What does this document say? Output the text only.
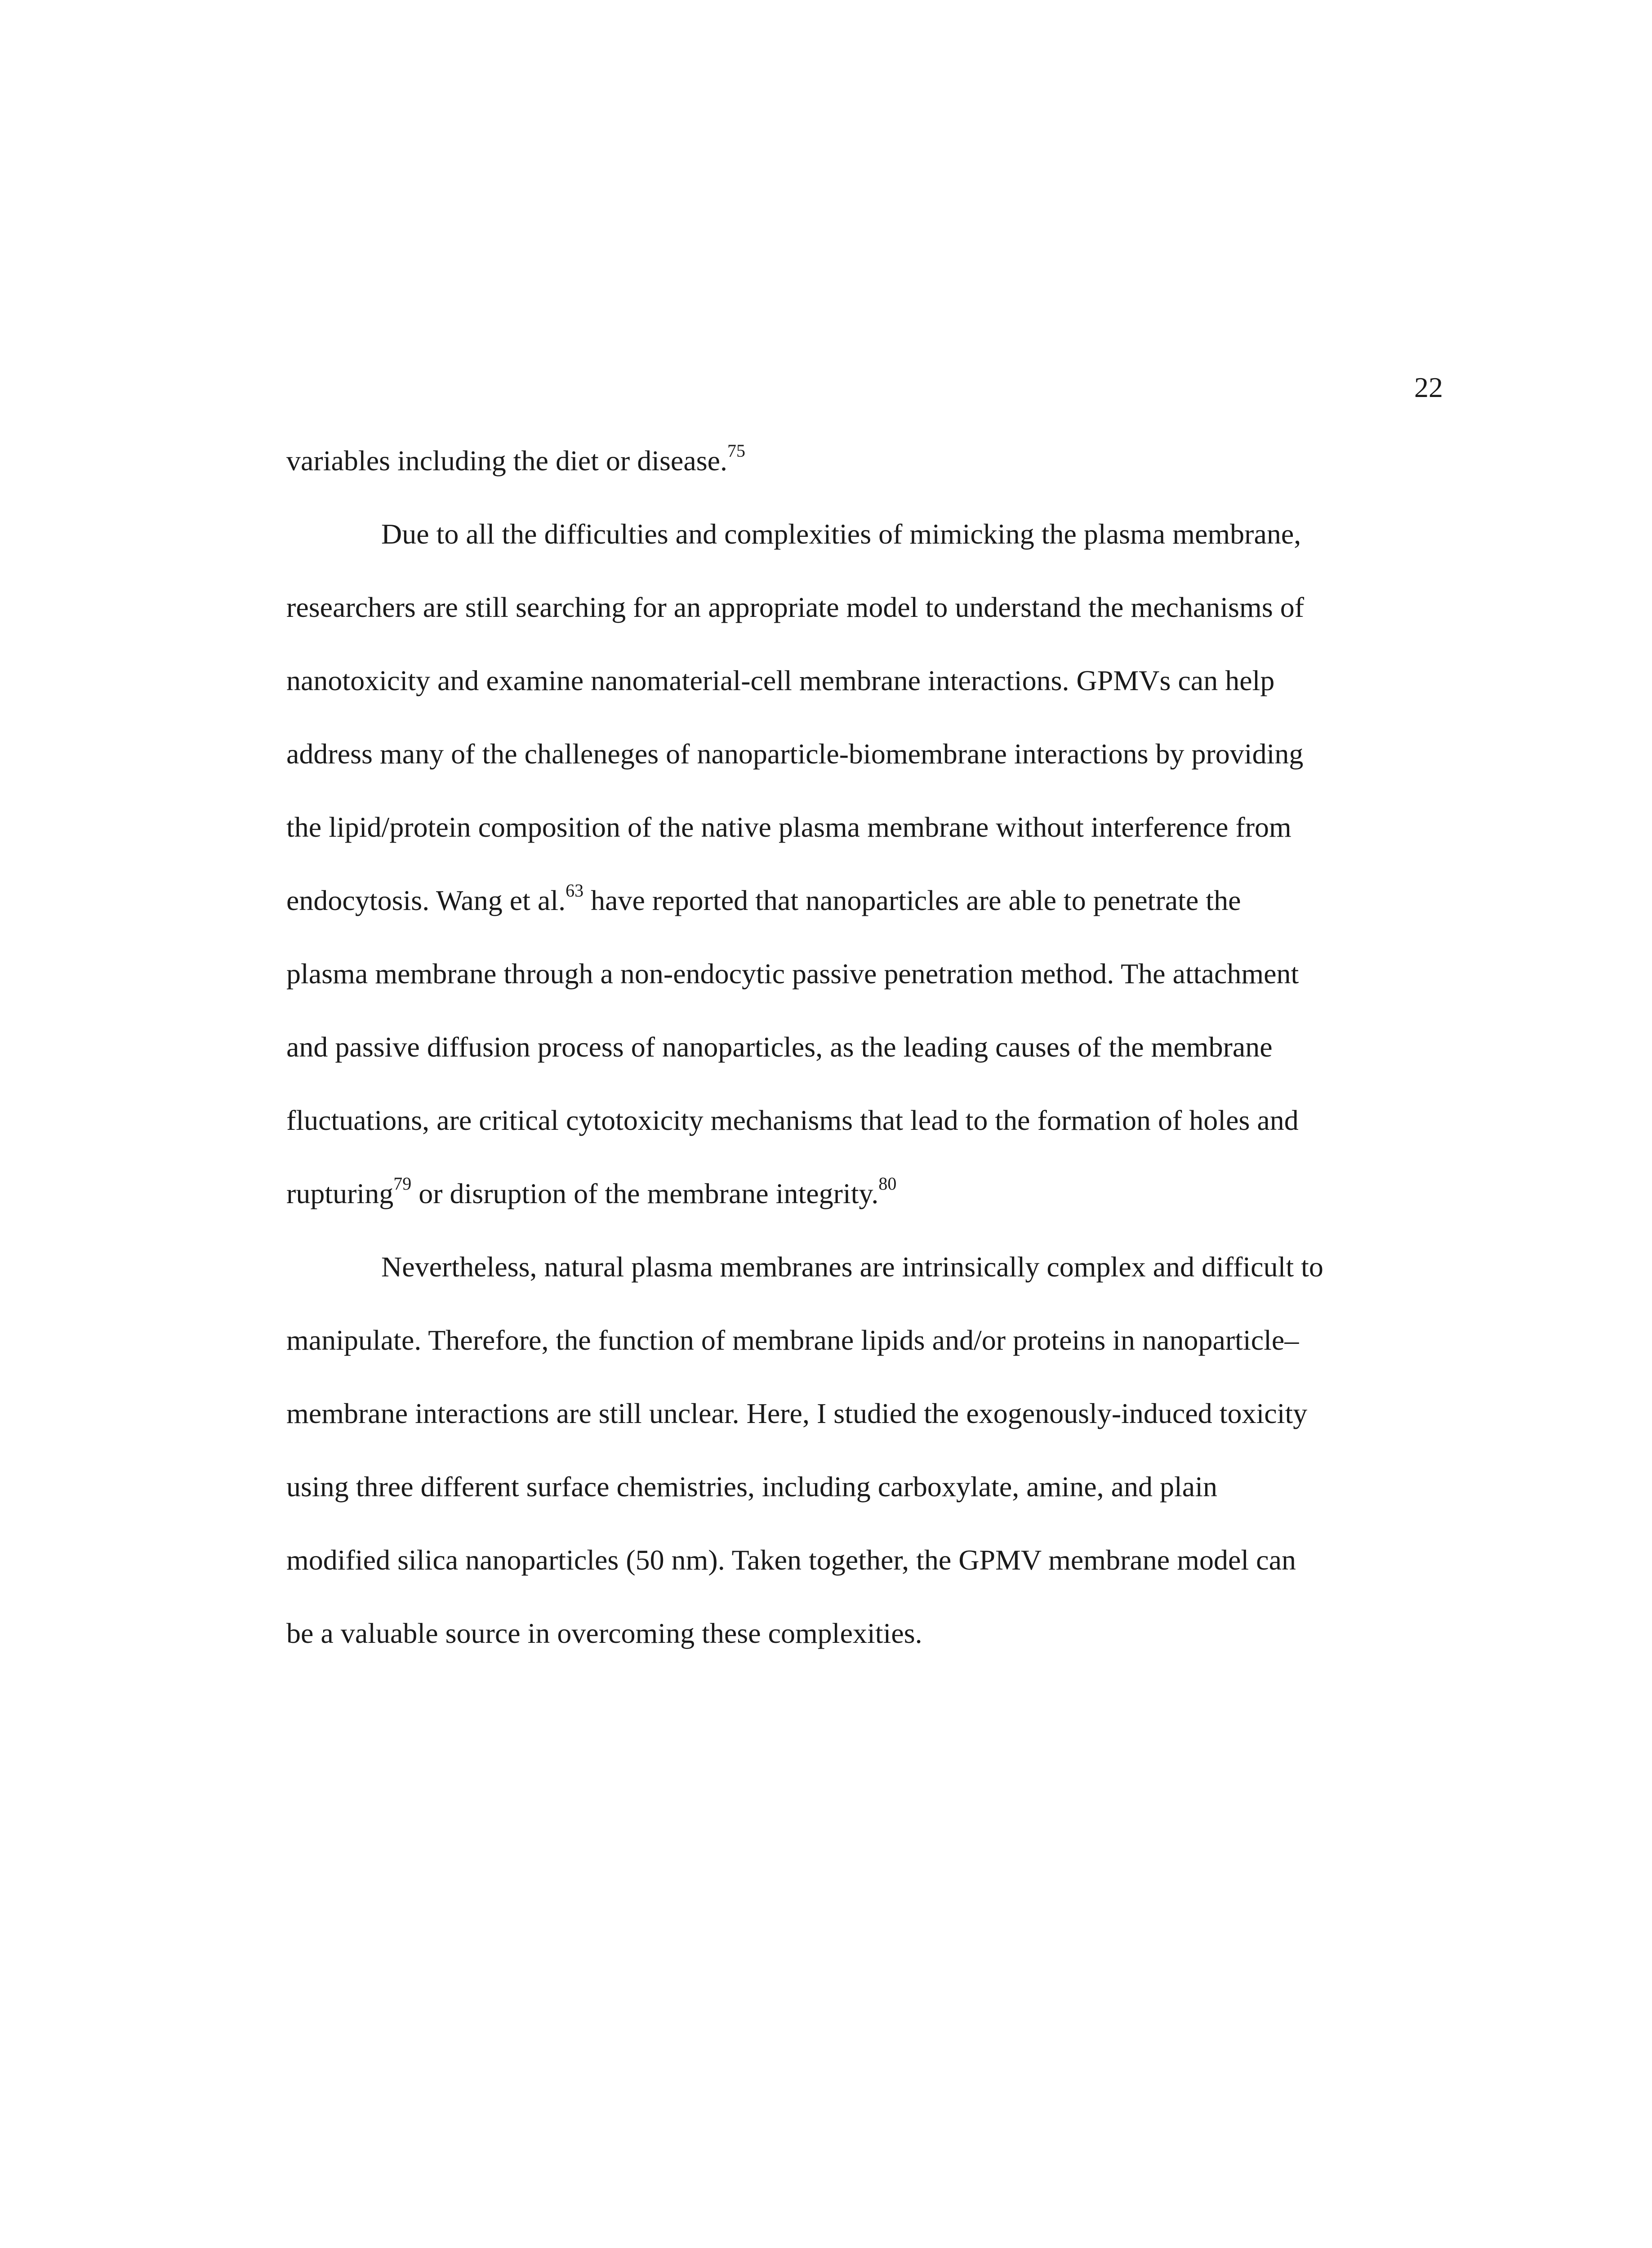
22
variables including the diet or disease.$^{75}$
Due to all the difficulties and complexities of mimicking the plasma membrane,
researchers are still searching for an appropriate model to understand the mechanisms of
nanotoxicity and examine nanomaterial-cell membrane interactions. GPMVs can help
address many of the challeneges of nanoparticle-biomembrane interactions by providing
the lipid/protein composition of the native plasma membrane without interference from
endocytosis. Wang et al.$^{63}$ have reported that nanoparticles are able to penetrate the
plasma membrane through a non-endocytic passive penetration method. The attachment
and passive diffusion process of nanoparticles, as the leading causes of the membrane
fluctuations, are critical cytotoxicity mechanisms that lead to the formation of holes and
rupturing$^{79}$ or disruption of the membrane integrity.$^{80}$
Nevertheless, natural plasma membranes are intrinsically complex and difficult to
manipulate. Therefore, the function of membrane lipids and/or proteins in nanoparticle–
membrane interactions are still unclear. Here, I studied the exogenously-induced toxicity
using three different surface chemistries, including carboxylate, amine, and plain
modified silica nanoparticles (50 nm). Taken together, the GPMV membrane model can
be a valuable source in overcoming these complexities.
